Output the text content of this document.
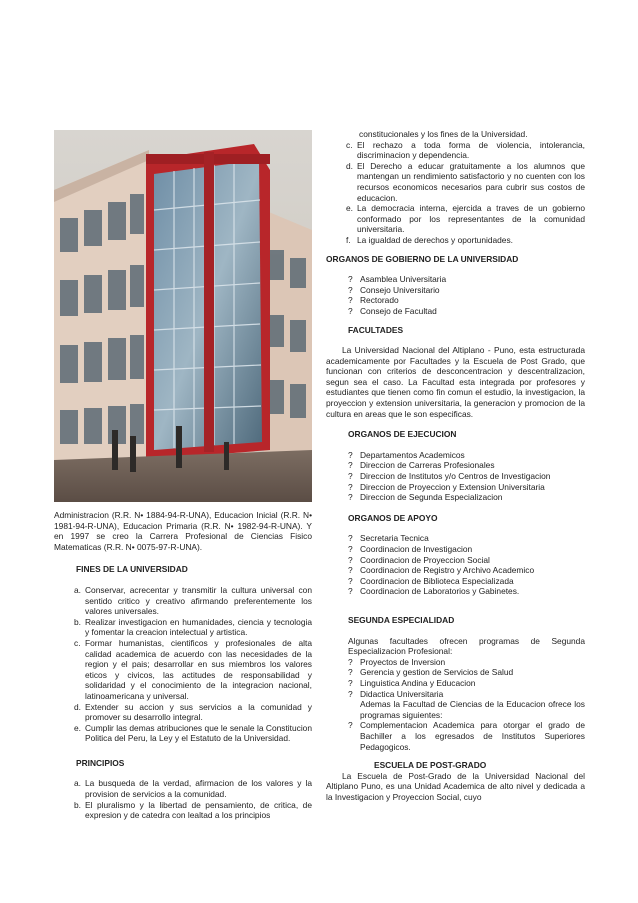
Administracion (R.R. N• 1884-94-R-UNA), Educacion Inicial (R.R. N• 1981-94-R-UNA), Educacion Primaria (R.R. N• 1982-94-R-UNA). Y en 1997 se creo la Carrera Profesional de Ciencias Fisico Matematicas (R.R. N• 0075-97-R-UNA).

FINES DE LA UNIVERSIDAD

a. Conservar, acrecentar y transmitir la cultura universal con sentido critico y creativo afirmando preferentemente los valores universales.
b. Realizar investigacion en humanidades, ciencia y tecnologia y fomentar la creacion intelectual y artistica.
c. Formar humanistas, cientificos y profesionales de alta calidad academica de acuerdo con las necesidades de la region y el pais; desarrollar en sus miembros los valores eticos y civicos, las actitudes de responsabilidad y solidaridad y el conocimiento de la integracion nacional, latinoamericana y universal.
d. Extender su accion y sus servicios a la comunidad y promover su desarrollo integral.
e. Cumplir las demas atribuciones que le senale la Constitucion Politica del Peru, la Ley y el Estatuto de la Universidad.

PRINCIPIOS

a. La busqueda de la verdad, afirmacion de los valores y la provision de servicios a la comunidad.
b. El pluralismo y la libertad de pensamiento, de critica, de expresion y de catedra con lealtad a los principios

constitucionales y los fines de la Universidad.

c. El rechazo a toda forma de violencia, intolerancia, discriminacion y dependencia.
d. El Derecho a educar gratuitamente a los alumnos que mantengan un rendimiento satisfactorio y no cuenten con los recursos economicos necesarios para cubrir sus costos de educacion.
e. La democracia interna, ejercida a traves de un gobierno conformado por los representantes de la comunidad universitaria.
f. La igualdad de derechos y oportunidades.

ORGANOS DE GOBIERNO DE LA UNIVERSIDAD

? Asamblea Universitaria
? Consejo Universitario
? Rectorado
? Consejo de Facultad

FACULTADES

La Universidad Nacional del Altiplano - Puno, esta estructurada academicamente por Facultades y la Escuela de Post Grado, que funcionan con criterios de desconcentracion y descentralizacion, segun sea el caso. La Facultad esta integrada por profesores y estudiantes que tienen como fin comun el estudio, la investigacion, la proyeccion y extension universitaria, la generacion y promocion de la cultura en areas que le son especificas.

ORGANOS DE EJECUCION

? Departamentos Academicos
? Direccion de Carreras Profesionales
? Direccion de Institutos y/o Centros de Investigacion
? Direccion de Proyeccion y Extension Universitaria
? Direccion de Segunda Especializacion

ORGANOS DE APOYO

? Secretaria Tecnica
? Coordinacion de Investigacion
? Coordinacion de Proyeccion Social
? Coordinacion de Registro y Archivo Academico
? Coordinacion de Biblioteca Especializada
? Coordinacion de Laboratorios y Gabinetes.

SEGUNDA ESPECIALIDAD

Algunas facultades ofrecen programas de Segunda Especializacion Profesional:

? Proyectos de Inversion
? Gerencia y gestion de Servicios de Salud
? Linguistica Andina y Educacion
? Didactica Universitaria

Ademas la Facultad de Ciencias de la Educacion ofrece los programas siguientes:

? Complementacion Academica para otorgar el grado de Bachiller a los egresados de Institutos Superiores Pedagogicos.

ESCUELA DE POST-GRADO

La Escuela de Post-Grado de la Universidad Nacional del Altiplano Puno, es una Unidad Academica de alto nivel y dedicada a la Investigacion y Proyeccion Social, cuyo
